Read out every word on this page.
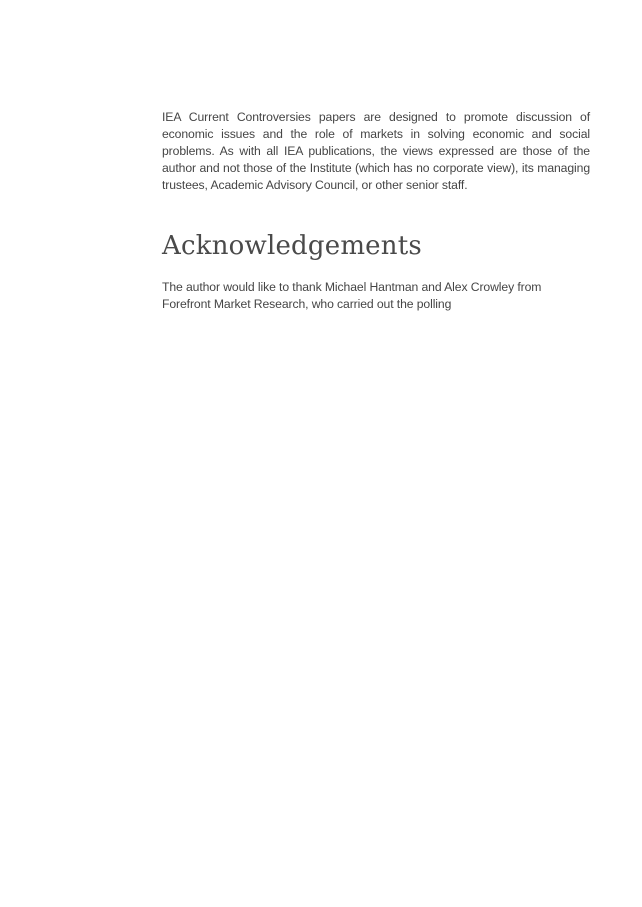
IEA Current Controversies papers are designed to promote discussion of economic issues and the role of markets in solving economic and social problems. As with all IEA publications, the views expressed are those of the author and not those of the Institute (which has no corporate view), its managing trustees, Academic Advisory Council, or other senior staff.

Acknowledgements

The author would like to thank Michael Hantman and Alex Crowley from Forefront Market Research, who carried out the polling
